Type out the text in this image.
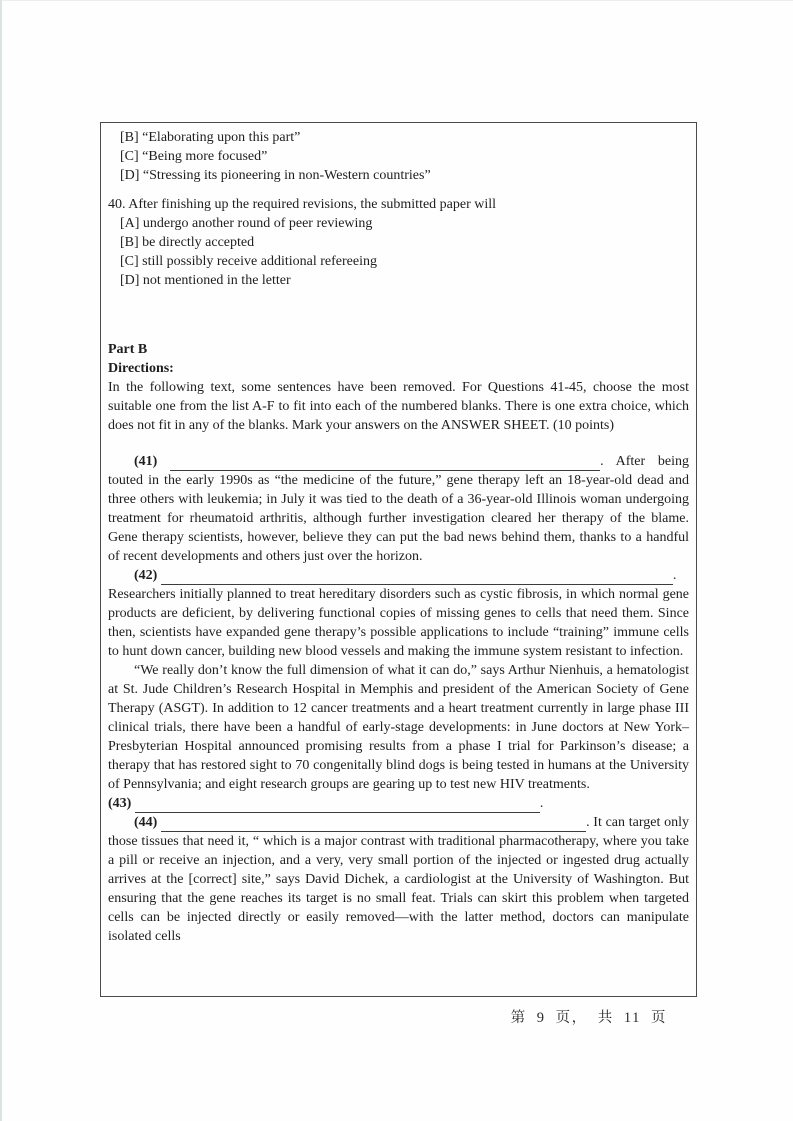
[B] “Elaborating upon this part”

[C] “Being more focused”

[D] “Stressing its pioneering in non-Western countries”

40. After finishing up the required revisions, the submitted paper will

[A] undergo another round of peer reviewing

[B] be directly accepted

[C] still possibly receive additional refereeing

[D] not mentioned in the letter

Part B

Directions:

In the following text, some sentences have been removed. For Questions 41-45, choose the most suitable one from the list A-F to fit into each of the numbered blanks. There is one extra choice, which does not fit in any of the blanks. Mark your answers on the ANSWER SHEET. (10 points)

(41)	. After being touted in the early 1990s as “the medicine of the future,” gene therapy left an 18-year-old dead and three others with leukemia; in July it was tied to the death of a 36-year-old Illinois woman undergoing treatment for rheumatoid arthritis, although further investigation cleared her therapy of the blame. Gene therapy scientists, however, believe they can put the bad news behind them, thanks to a handful of recent developments and others just over the horizon.

(42)	.

Researchers initially planned to treat hereditary disorders such as cystic fibrosis, in which normal gene products are deficient, by delivering functional copies of missing genes to cells that need them. Since then, scientists have expanded gene therapy’s possible applications to include “training” immune cells to hunt down cancer, building new blood vessels and making the immune system resistant to infection.

“We really don’t know the full dimension of what it can do,” says Arthur Nienhuis, a hematologist at St. Jude Children’s Research Hospital in Memphis and president of the American Society of Gene Therapy (ASGT). In addition to 12 cancer treatments and a heart treatment currently in large phase III clinical trials, there have been a handful of early-stage developments: in June doctors at New York–Presbyterian Hospital announced promising results from a phase I trial for Parkinson’s disease; a therapy that has restored sight to 70 congenitally blind dogs is being tested in humans at the University of Pennsylvania; and eight research groups are gearing up to test new HIV treatments.

(43)	.

(44)	. It can target only those tissues that need it, “ which is a major contrast with traditional pharmacotherapy, where you take a pill or receive an injection, and a very, very small portion of the injected or ingested drug actually arrives at the [correct] site,” says David Dichek, a cardiologist at the University of Washington. But ensuring that the gene reaches its target is no small feat. Trials can skirt this problem when targeted cells can be injected directly or easily removed—with the latter method, doctors can manipulate isolated cells

第 9 页， 共 11 页
